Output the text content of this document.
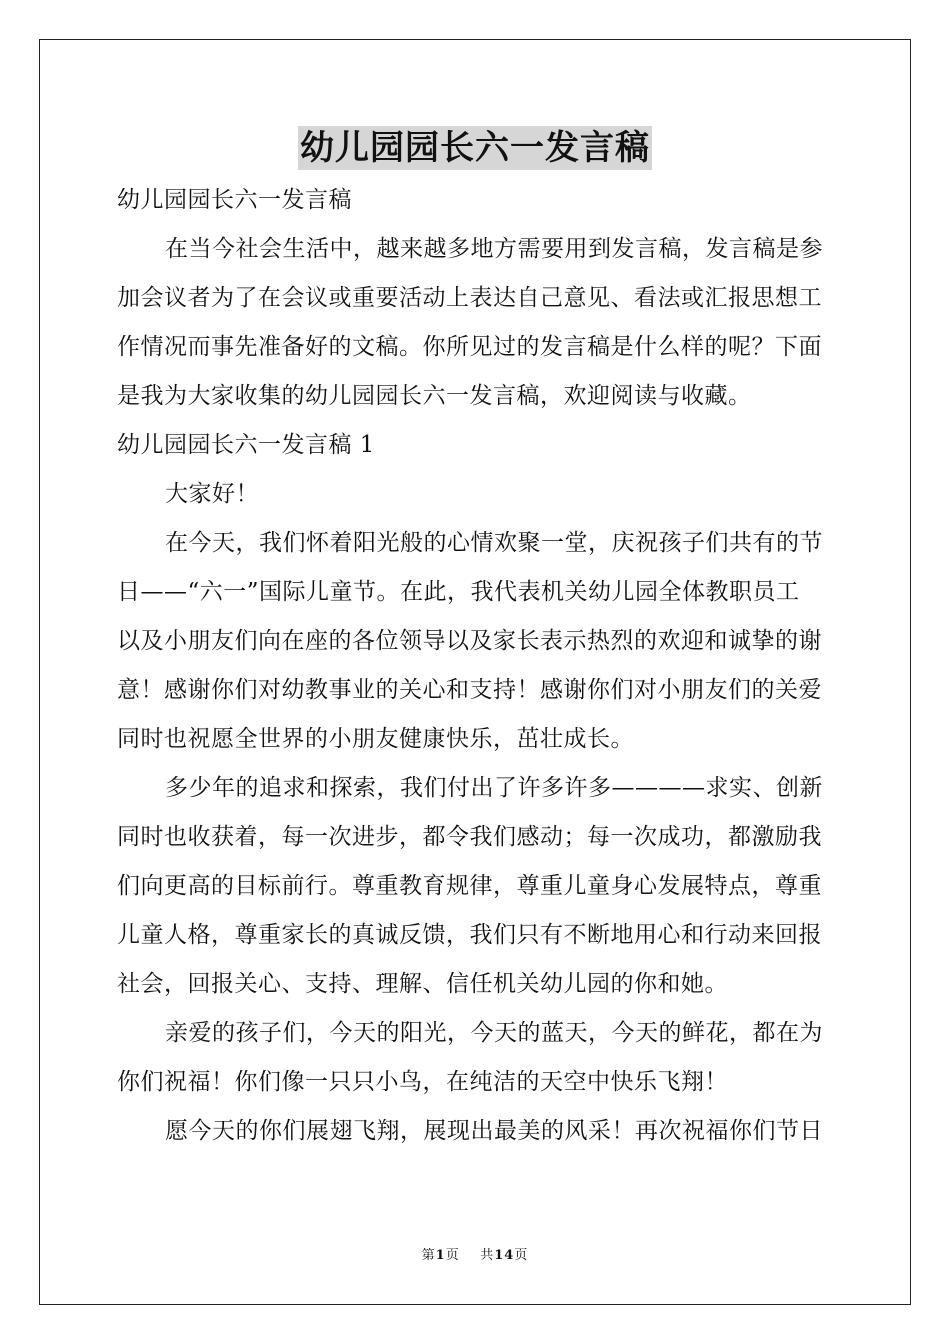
幼儿园园长六一发言稿
幼儿园园长六一发言稿
在当今社会生活中，越来越多地方需要用到发言稿，发言稿是参
加会议者为了在会议或重要活动上表达自己意见、看法或汇报思想工
作情况而事先准备好的文稿。你所见过的发言稿是什么样的呢？下面
是我为大家收集的幼儿园园长六一发言稿，欢迎阅读与收藏。
幼儿园园长六一发言稿 1
大家好！
在今天，我们怀着阳光般的心情欢聚一堂，庆祝孩子们共有的节
日——“六一”国际儿童节。在此，我代表机关幼儿园全体教职员工
以及小朋友们向在座的各位领导以及家长表示热烈的欢迎和诚挚的谢
意！感谢你们对幼教事业的关心和支持！感谢你们对小朋友们的关爱
同时也祝愿全世界的小朋友健康快乐，茁壮成长。
多少年的追求和探索，我们付出了许多许多————求实、创新
同时也收获着，每一次进步，都令我们感动；每一次成功，都激励我
们向更高的目标前行。尊重教育规律，尊重儿童身心发展特点，尊重
儿童人格，尊重家长的真诚反馈，我们只有不断地用心和行动来回报
社会，回报关心、支持、理解、信任机关幼儿园的你和她。
亲爱的孩子们，今天的阳光，今天的蓝天，今天的鲜花，都在为
你们祝福！你们像一只只小鸟，在纯洁的天空中快乐飞翔！
愿今天的你们展翅飞翔，展现出最美的风采！再次祝福你们节日
第1页 共14页
